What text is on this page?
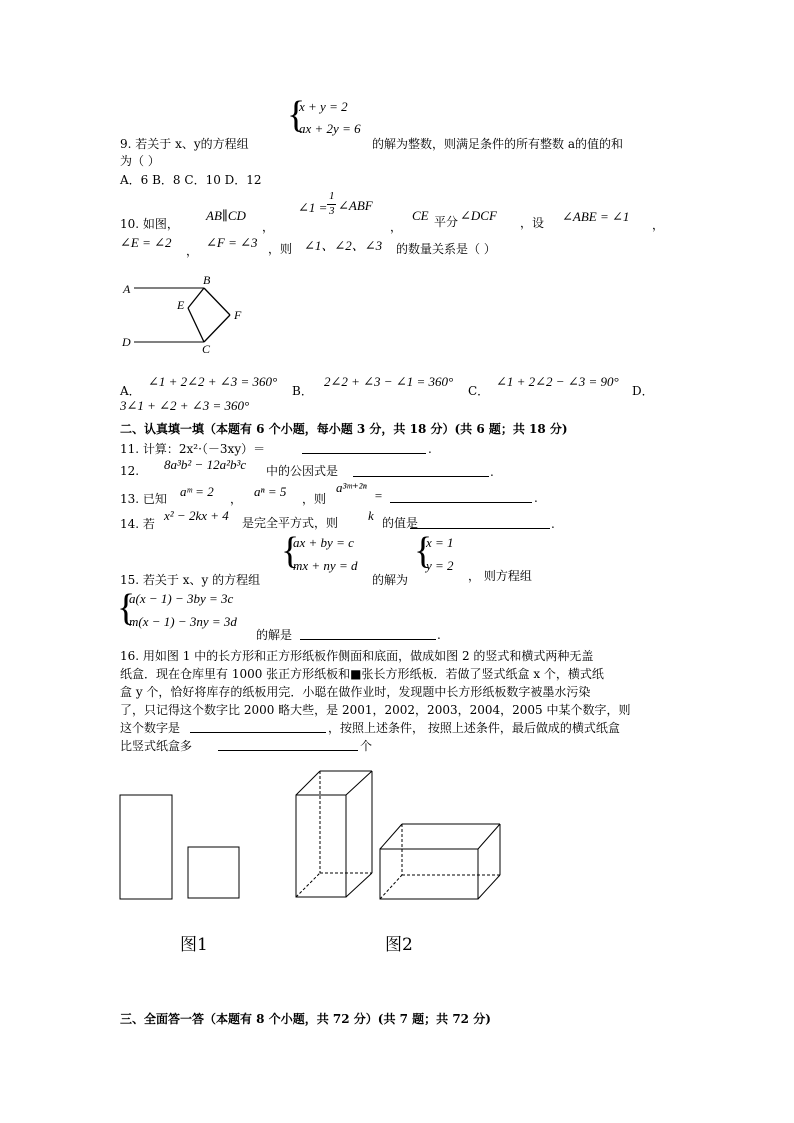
{
x + y = 2
ax + 2y = 6
9. 若关于 x、y的方程组	的解为整数，则满足条件的所有整数 a的值的和
为（ ）
A．6 B．8 C．10 D．12
10. 如图，
AB∥CD
，
∠1 =
1
3 ∠ABF
，
CE 平分 ∠DCF ，设 ∠ABE = ∠1
，
∠E = ∠2
，
∠F = ∠3 ，则 ∠1、∠2、∠3 的数量关系是（ ）
A
B
E
F
D	C
A．
∠1 + 2∠2 + ∠3 = 360°
B．
2∠2 + ∠3 − ∠1 = 360°
C．
∠1 + 2∠2 − ∠3 = 90°
D．
3∠1 + ∠2 + ∠3 = 360°
二、认真填一填（本题有 6 个小题，每小题 3 分，共 18 分）(共 6 题；共 18 分)
11. 计算：2x²·（－3xy）＝	.
12. 8a³b² − 12a²b³c 中的公因式是	.
13. 已知 aᵐ = 2 ， aⁿ = 5 ，则
a³ᵐ⁺²ⁿ
=	.
14. 若
x² − 2kx + 4 是完全平方式，则 k 的值是	.
{
ax + by = c
mx + ny = d {
x = 1
y = 2
15. 若关于 x、y 的方程组	的解为	， 则方程组
{
a(x − 1) − 3by = 3c
m(x − 1) − 3ny = 3d
的解是	.
16. 用如图 1 中的长方形和正方形纸板作侧面和底面，做成如图 2 的竖式和横式两种无盖
纸盒．现在仓库里有 1000 张正方形纸板和■张长方形纸板．若做了竖式纸盒 x 个，横式纸
盒 y 个，恰好将库存的纸板用完．小聪在做作业时，发现题中长方形纸板数字被墨水污染
了，只记得这个数字比 2000 略大些，是 2001，2002，2003，2004，2005 中某个数字，则
这个数字是	，按照上述条件， 按照上述条件，最后做成的横式纸盒
比竖式纸盒多	个
图1	图2
三、全面答一答（本题有 8 个小题，共 72 分）(共 7 题；共 72 分)
